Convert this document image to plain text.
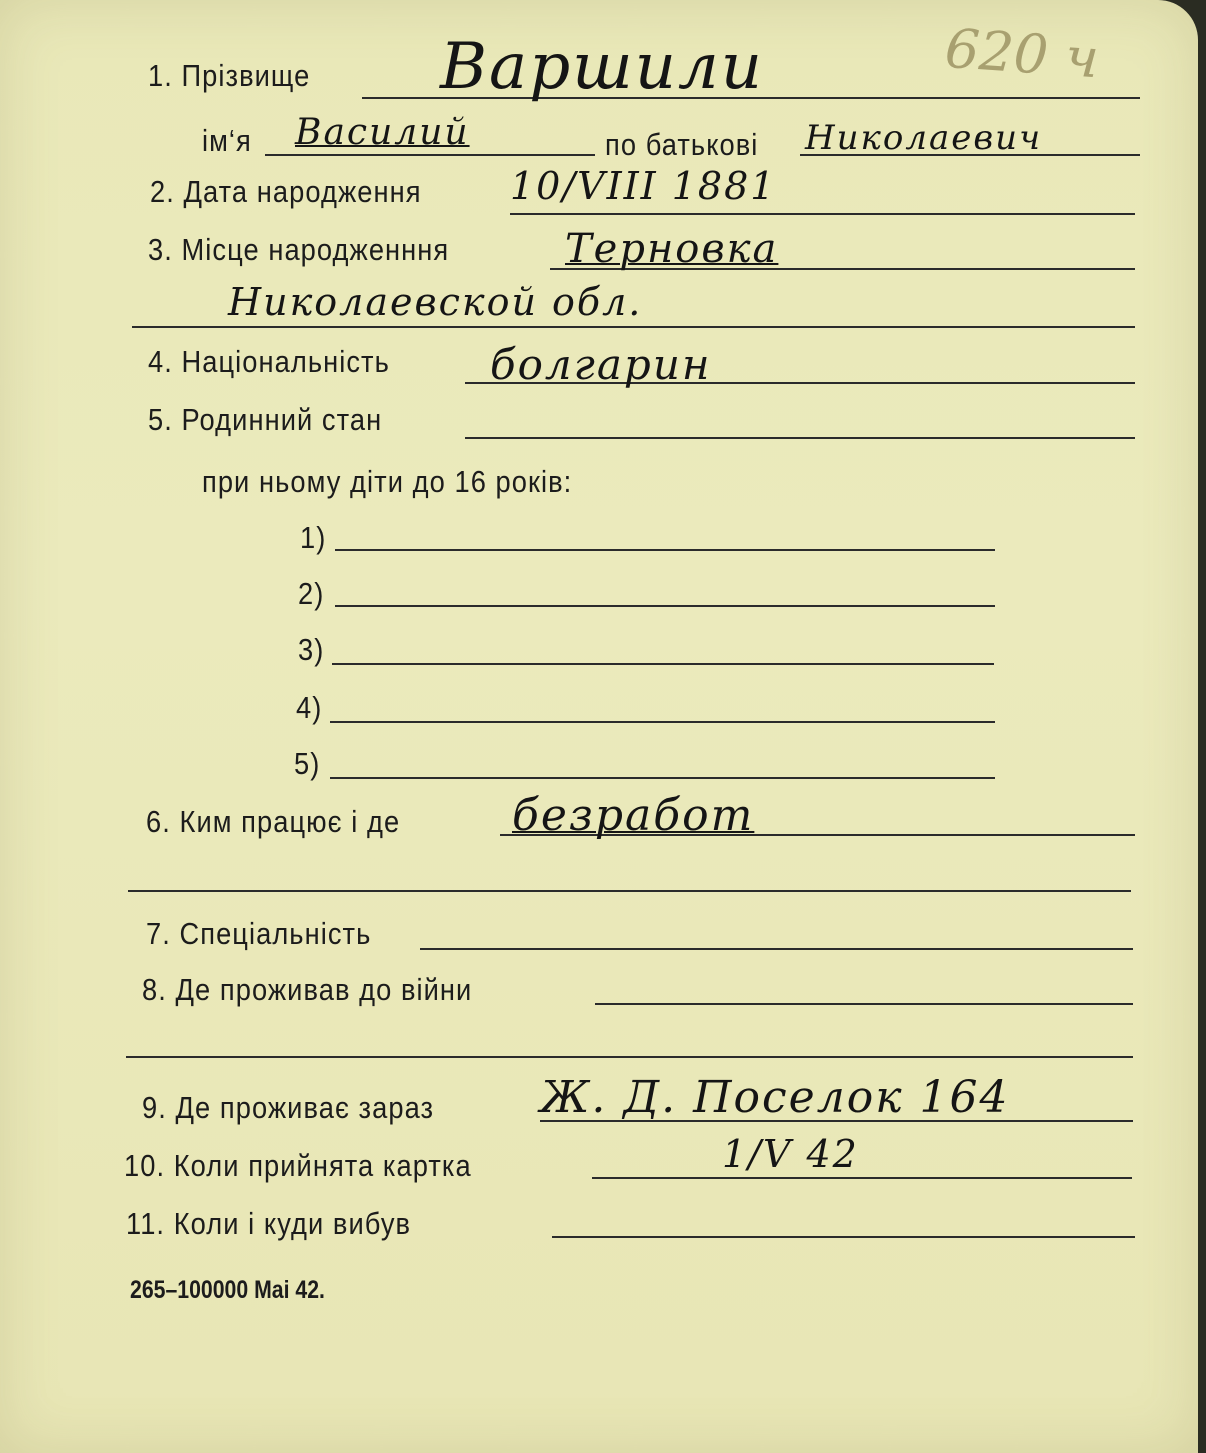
620 ч
1. Прізвище Варшили
ім‘я Василий	по батькові Николаевич
2. Дата народження 10/VIII 1881
3. Місце народженння	Терновка
Николаевской обл.
4. Національність болгарин
5. Родинний стан
при ньому діти до 16 років:
1)
2)
3)
4)
5)
6. Ким працює і де	безработ
7. Спеціальність
8. Де проживав до війни
9. Де проживає зараз Ж. Д. Поселок 164
10. Коли прийнята картка	1/V 42
11. Коли і куди вибув
265–100000 Mai 42.
